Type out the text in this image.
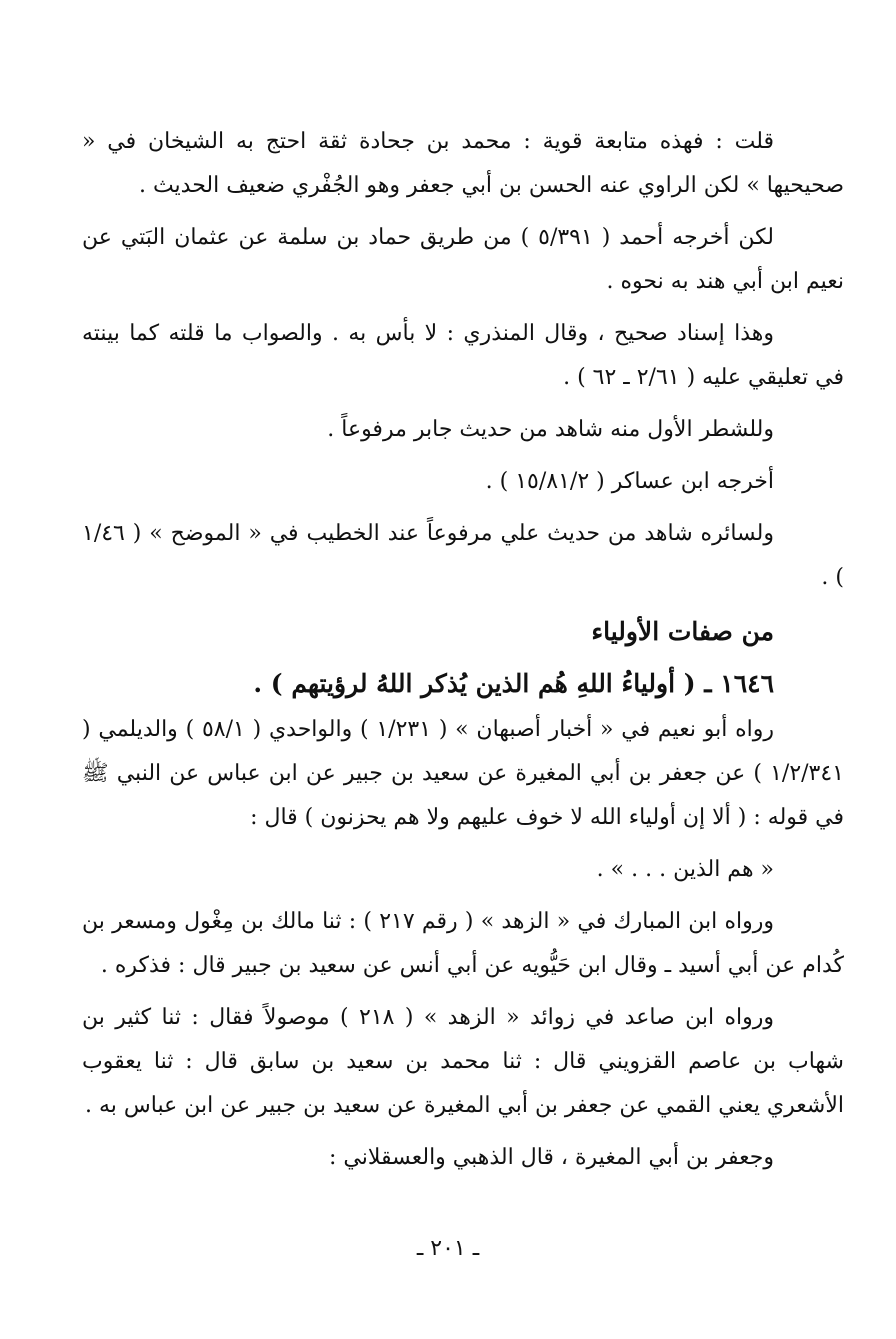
قلت : فهذه متابعة قوية : محمد بن جحادة ثقة احتج به الشيخان في « صحيحيها » لكن الراوي عنه الحسن بن أبي جعفر وهو الجُفْري ضعيف الحديث .

لكن أخرجه أحمد ( ٥/٣٩١ ) من طريق حماد بن سلمة عن عثمان البَتي عن نعيم ابن أبي هند به نحوه .

وهذا إسناد صحيح ، وقال المنذري : لا بأس به . والصواب ما قلته كما بينته في تعليقي عليه ( ٢/٦١ ـ ٦٢ ) .

وللشطر الأول منه شاهد من حديث جابر مرفوعاً .

أخرجه ابن عساكر ( ١٥/٨١/٢ ) .

ولسائره شاهد من حديث علي مرفوعاً عند الخطيب في « الموضح » ( ١/٤٦ ) .

من صفات الأولياء
١٦٤٦ ـ ( أولياءُ اللهِ هُم الذين يُذكر اللهُ لرؤيتهم ) .

رواه أبو نعيم في « أخبار أصبهان » ( ١/٢٣١ ) والواحدي ( ٥٨/١ ) والديلمي ( ١/٢/٣٤١ ) عن جعفر بن أبي المغيرة عن سعيد بن جبير عن ابن عباس عن النبي ﷺ في قوله : ( ألا إن أولياء الله لا خوف عليهم ولا هم يحزنون ) قال :

« هم الذين . . . » .

ورواه ابن المبارك في « الزهد » ( رقم ٢١٧ ) : ثنا مالك بن مِغْول ومسعر بن كُدام عن أبي أسيد ـ وقال ابن حَيُّويه عن أبي أنس عن سعيد بن جبير قال : فذكره .

ورواه ابن صاعد في زوائد « الزهد » ( ٢١٨ ) موصولاً فقال : ثنا كثير بن شهاب بن عاصم القزويني قال : ثنا محمد بن سعيد بن سابق قال : ثنا يعقوب الأشعري يعني القمي عن جعفر بن أبي المغيرة عن سعيد بن جبير عن ابن عباس به .

وجعفر بن أبي المغيرة ، قال الذهبي والعسقلاني :

ـ ٢٠١ ـ
